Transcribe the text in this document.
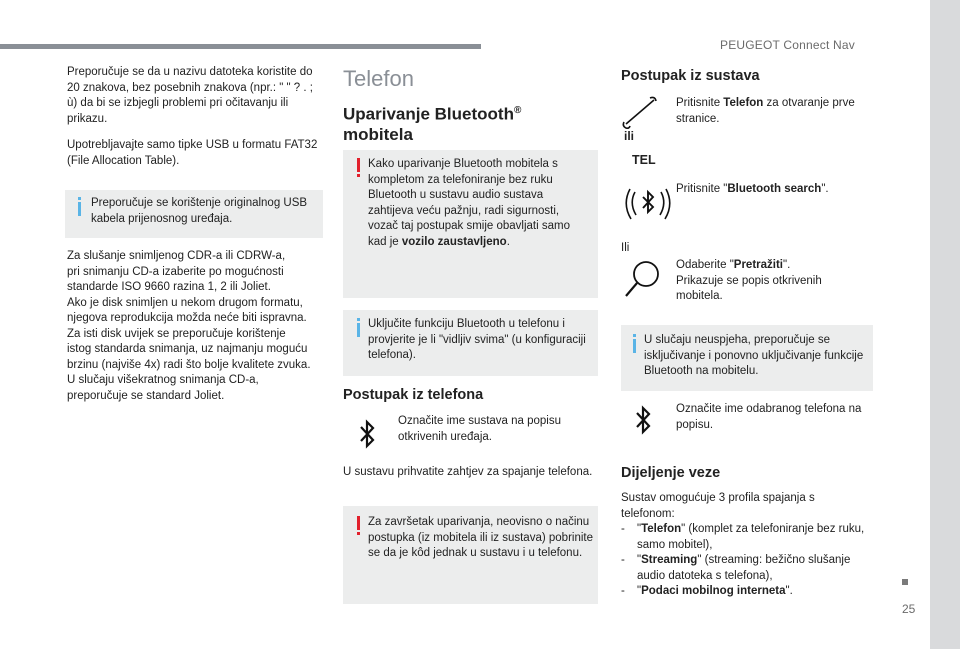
PEUGEOT Connect Nav
25

Preporučuje se da u nazivu datoteka koristite do 20 znakova, bez posebnih znakova (npr.: " " ? . ; ù) da bi se izbjegli problemi pri očitavanju ili prikazu.

Upotrebljavajte samo tipke USB u formatu FAT32 (File Allocation Table).

Preporučuje se korištenje originalnog USB kabela prijenosnog uređaja.
Za slušanje snimljenog CDR-a ili CDRW-a,
pri snimanju CD-a izaberite po mogućnosti
standarde ISO 9660 razina 1, 2 ili Joliet.
Ako je disk snimljen u nekom drugom formatu,
njegova reprodukcija možda neće biti ispravna.
Za isti disk uvijek se preporučuje korištenje
istog standarda snimanja, uz najmanju moguću
brzinu (najviše 4x) radi što bolje kvalitete zvuka.
U slučaju višekratnog snimanja CD-a,
preporučuje se standard Joliet.
Telefon
Uparivanje Bluetooth®
mobitela
Kako uparivanje Bluetooth mobitela s kompletom za telefoniranje bez ruku Bluetooth u sustavu audio sustava zahtijeva veću pažnju, radi sigurnosti, vozač taj postupak smije obavljati samo kad je vozilo zaustavljeno.
Uključite funkciju Bluetooth u telefonu i provjerite je li "vidljiv svima" (u konfiguraciji telefona).
Postupak iz telefona
Označite ime sustava na popisu otkrivenih uređaja.

U sustavu prihvatite zahtjev za spajanje telefona.

Za završetak uparivanja, neovisno o načinu postupka (iz mobitela ili iz sustava) pobrinite se da je kôd jednak u sustavu i u telefonu.
Postupak iz sustava
Pritisnite Telefon za otvaranje prve stranice.
ili
TEL
Pritisnite "Bluetooth search".
Ili
Odaberite "Pretražiti".
Prikazuje se popis otkrivenih mobitela.
U slučaju neuspjeha, preporučuje se isključivanje i ponovno uključivanje funkcije Bluetooth na mobitelu.
Označite ime odabranog telefona na popisu.
Dijeljenje veze

Sustav omogućuje 3 profila spajanja s telefonom:

- "Telefon" (komplet za telefoniranje bez ruku, samo mobitel),
- "Streaming" (streaming: bežično slušanje audio datoteka s telefona),
- "Podaci mobilnog interneta".
